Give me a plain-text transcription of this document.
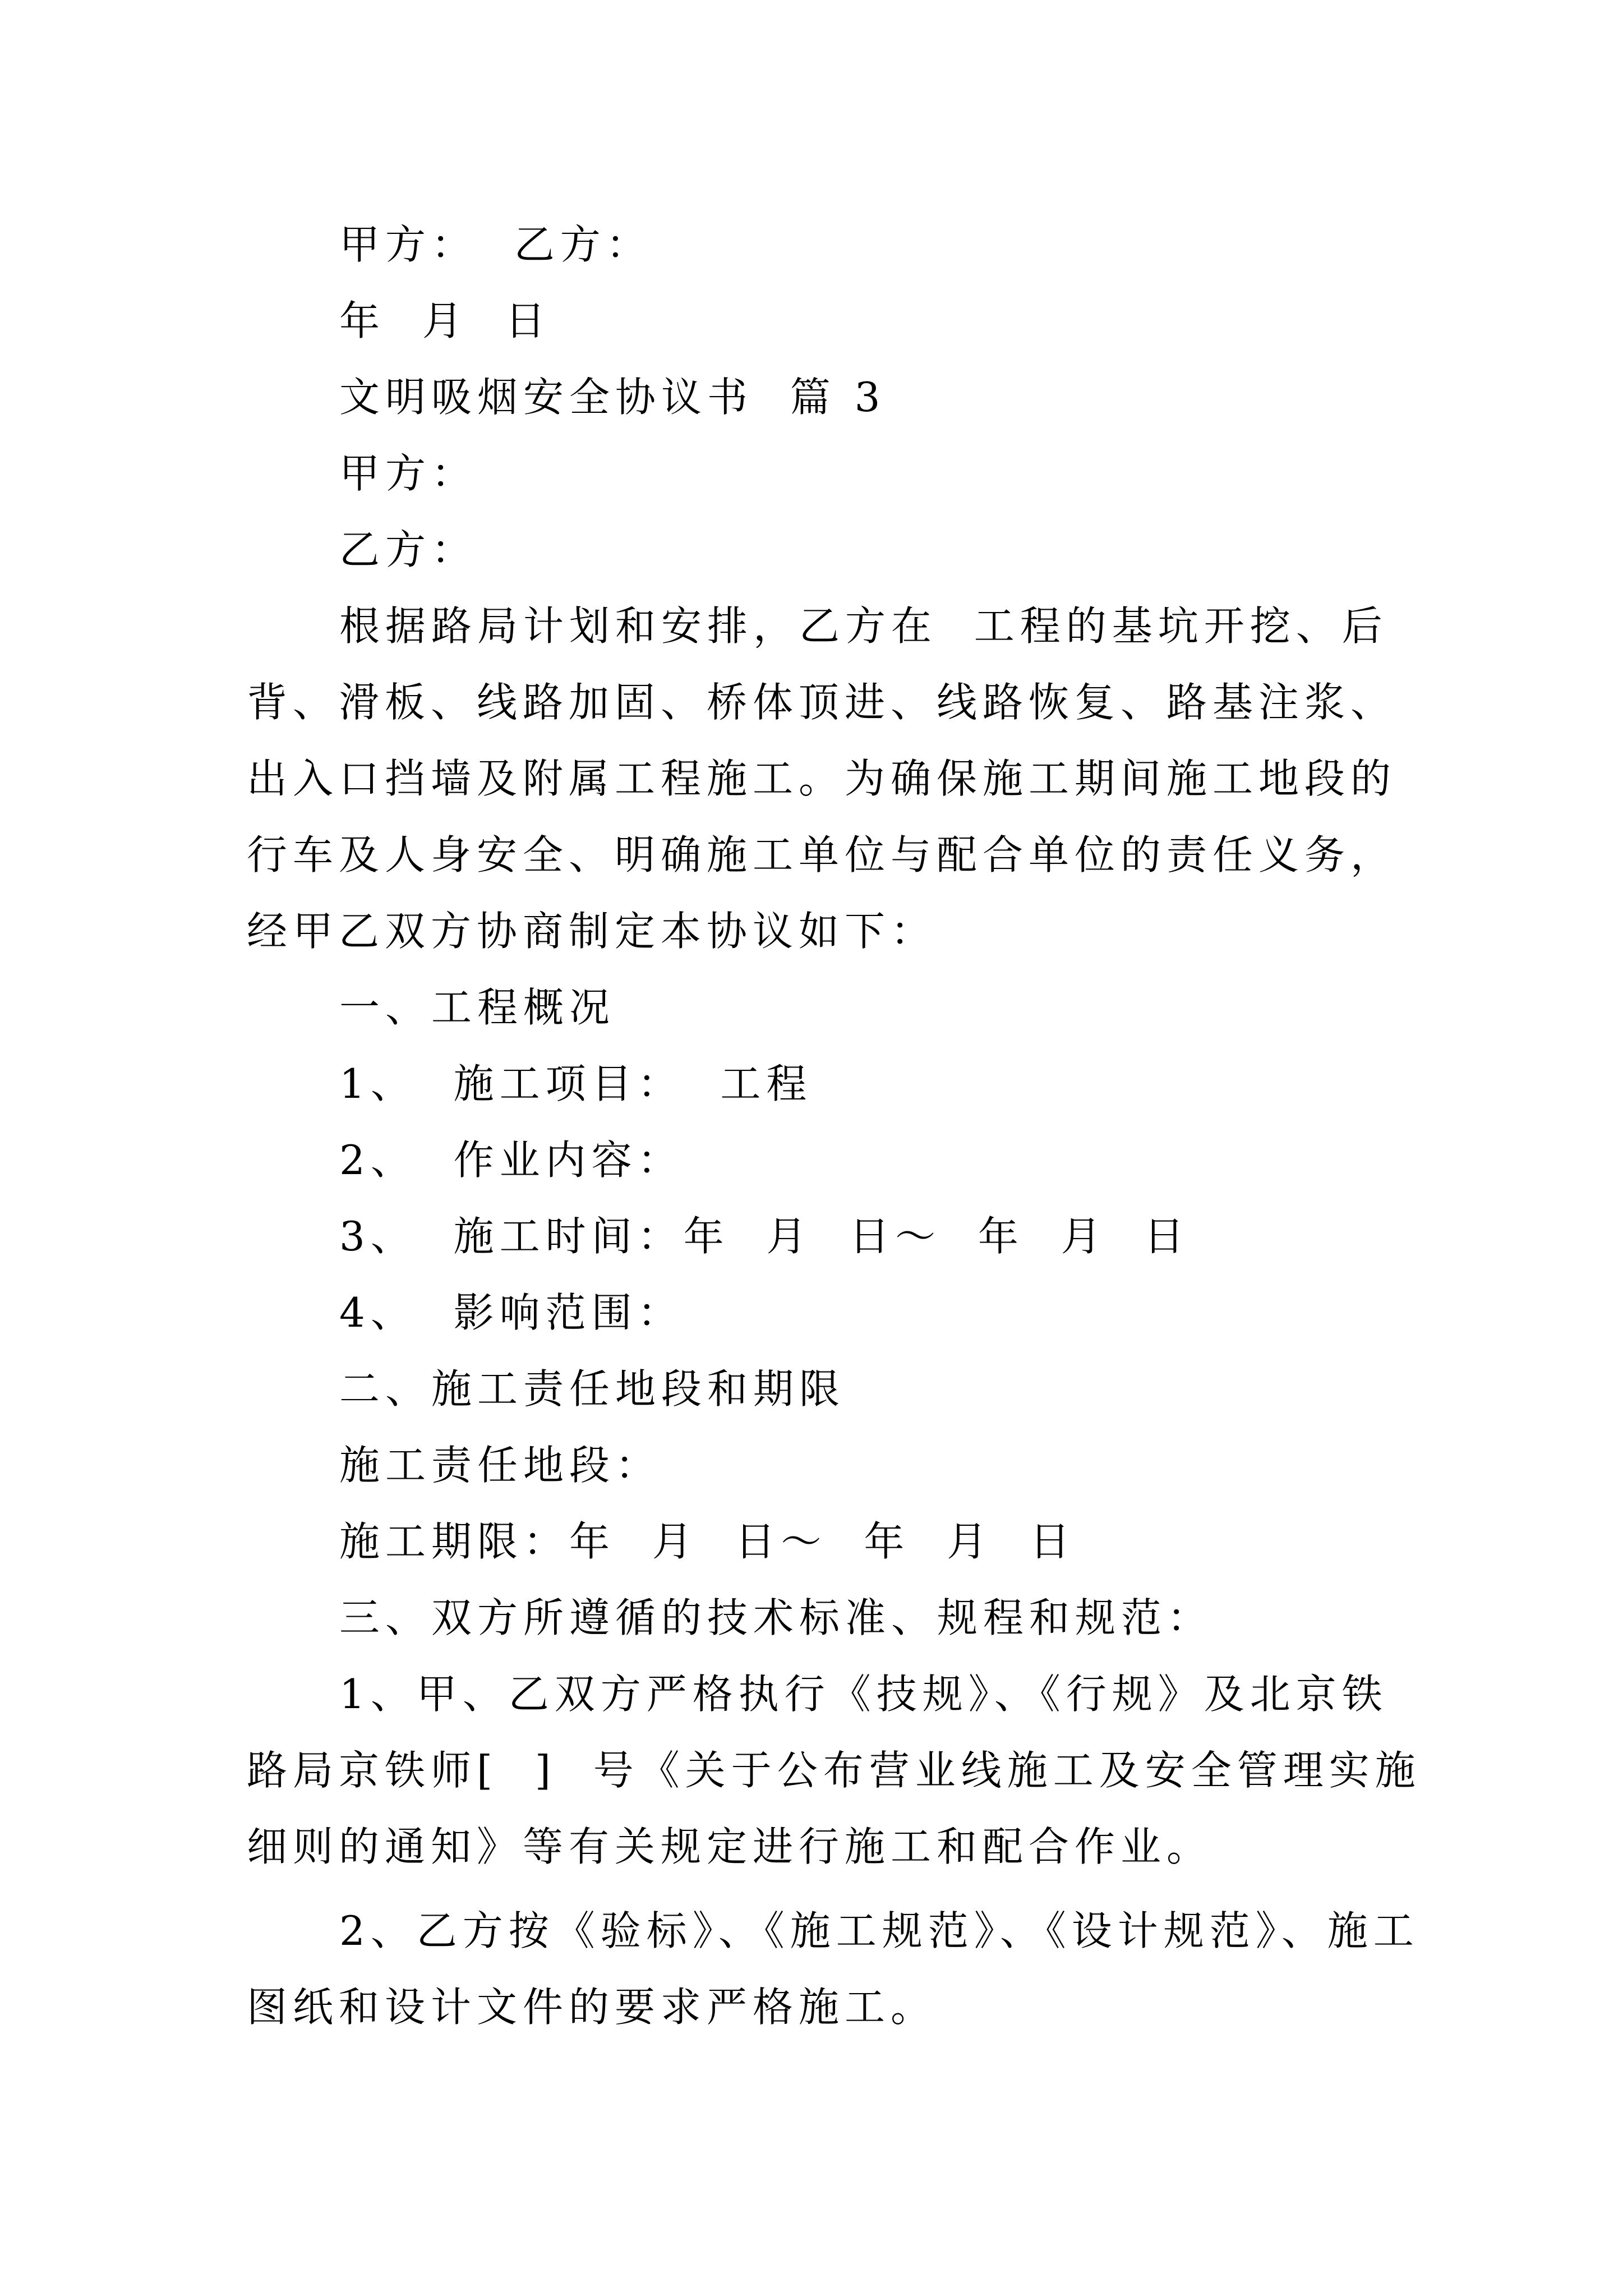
甲方：  乙方：

年  月  日

文明吸烟安全协议书  篇 3

甲方：

乙方：

根据路局计划和安排，乙方在  工程的基坑开挖、后背、滑板、线路加固、桥体顶进、线路恢复、路基注浆、出入口挡墙及附属工程施工。为确保施工期间施工地段的行车及人身安全、明确施工单位与配合单位的责任义务，经甲乙双方协商制定本协议如下：

一、工程概况

1、  施工项目：  工程

2、  作业内容：

3、  施工时间：年  月  日～  年  月  日

4、  影响范围：

二、施工责任地段和期限

施工责任地段：

施工期限：年  月  日～  年  月  日

三、双方所遵循的技术标准、规程和规范：

1、甲、乙双方严格执行《技规》、《行规》及北京铁路局京铁师[  ]  号《关于公布营业线施工及安全管理实施细则的通知》等有关规定进行施工和配合作业。

2、乙方按《验标》、《施工规范》、《设计规范》、施工图纸和设计文件的要求严格施工。
